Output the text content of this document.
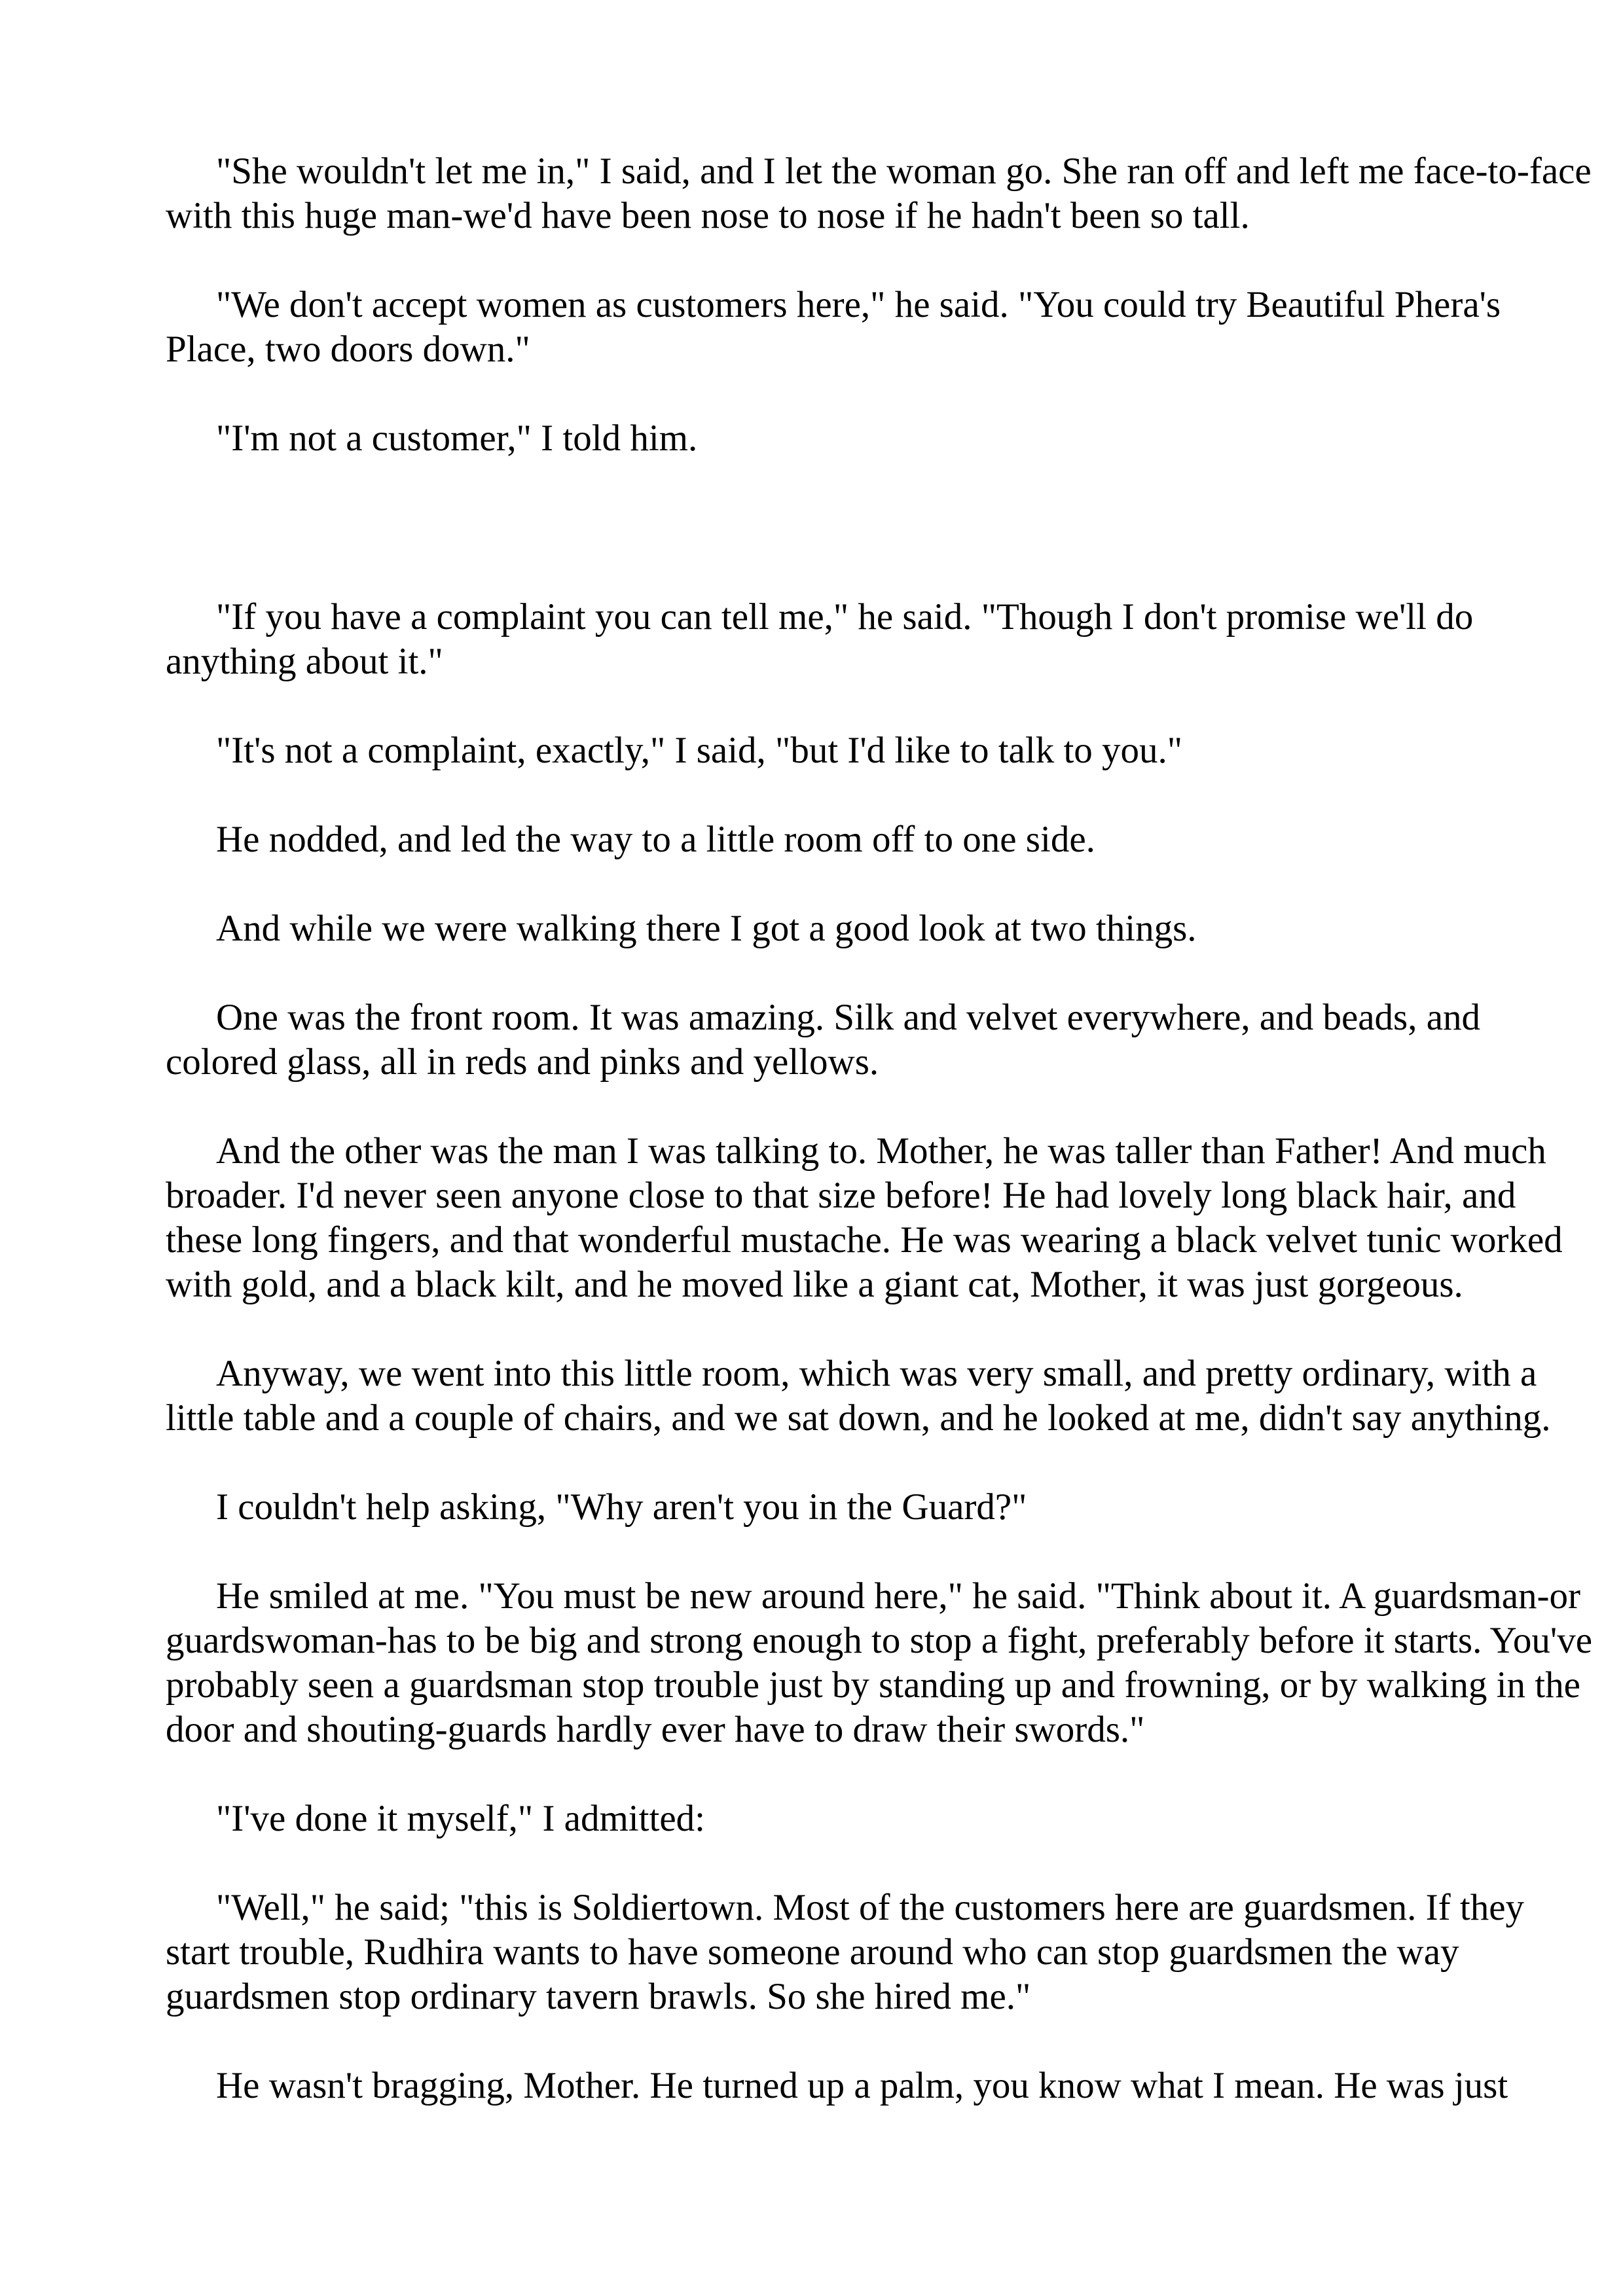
"She wouldn't let me in," I said, and I let the woman go. She ran off and left me face-to-face
with this huge man-we'd have been nose to nose if he hadn't been so tall.

"We don't accept women as customers here," he said. "You could try Beautiful Phera's
Place, two doors down."

"I'm not a customer," I told him.

"If you have a complaint you can tell me," he said. "Though I don't promise we'll do
anything about it."

"It's not a complaint, exactly," I said, "but I'd like to talk to you."

He nodded, and led the way to a little room off to one side.

And while we were walking there I got a good look at two things.

One was the front room. It was amazing. Silk and velvet everywhere, and beads, and
colored glass, all in reds and pinks and yellows.

And the other was the man I was talking to. Mother, he was taller than Father! And much
broader. I'd never seen anyone close to that size before! He had lovely long black hair, and
these long fingers, and that wonderful mustache. He was wearing a black velvet tunic worked
with gold, and a black kilt, and he moved like a giant cat, Mother, it was just gorgeous.

Anyway, we went into this little room, which was very small, and pretty ordinary, with a
little table and a couple of chairs, and we sat down, and he looked at me, didn't say anything.

I couldn't help asking, "Why aren't you in the Guard?"

He smiled at me. "You must be new around here," he said. "Think about it. A guardsman-or
guardswoman-has to be big and strong enough to stop a fight, preferably before it starts. You've
probably seen a guardsman stop trouble just by standing up and frowning, or by walking in the
door and shouting-guards hardly ever have to draw their swords."

"I've done it myself," I admitted:

"Well," he said; "this is Soldiertown. Most of the customers here are guardsmen. If they
start trouble, Rudhira wants to have someone around who can stop guardsmen the way
guardsmen stop ordinary tavern brawls. So she hired me."

He wasn't bragging, Mother. He turned up a palm, you know what I mean. He was just
